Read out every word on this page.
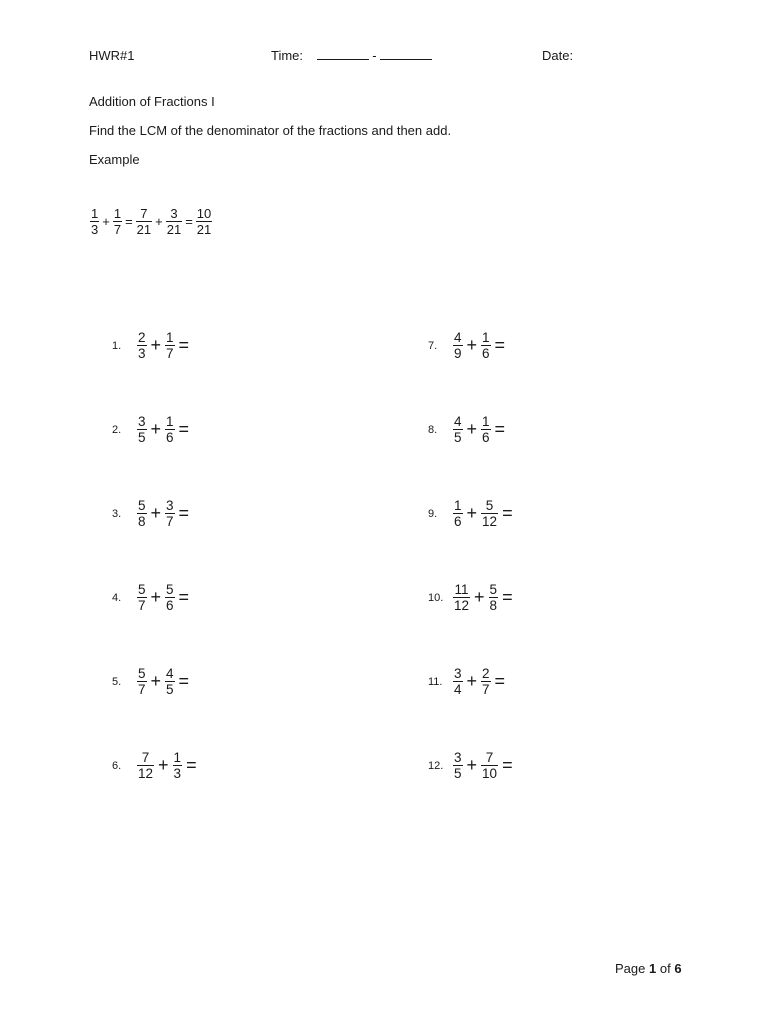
HWR#1	Time:	-	Date:
Addition of Fractions I
Find the LCM of the denominator of the fractions and then add.
Example
$\frac{1}{3} + \frac{1}{7} = \frac{7}{21} + \frac{3}{21} = \frac{10}{21}$
1.	$\frac{2}{3} + \frac{1}{7}$ =
2.	$\frac{3}{5} + \frac{1}{6}$ =
3.	$\frac{5}{8} + \frac{3}{7}$ =
4.	$\frac{5}{7} + \frac{5}{6}$ =
5.	$\frac{5}{7} + \frac{4}{5}$ =
6.	$\frac{7}{12} + \frac{1}{3}$ =
7.	$\frac{4}{9} + \frac{1}{6}$ =
8.	$\frac{4}{5} + \frac{1}{6}$ =
9.	$\frac{1}{6} + \frac{5}{12}$ =
10. $\frac{11}{12} + \frac{5}{8}$ =
11. $\frac{3}{4} + \frac{2}{7}$ =
12. $\frac{3}{5} + \frac{7}{10}$ =
Page 1 of 6
